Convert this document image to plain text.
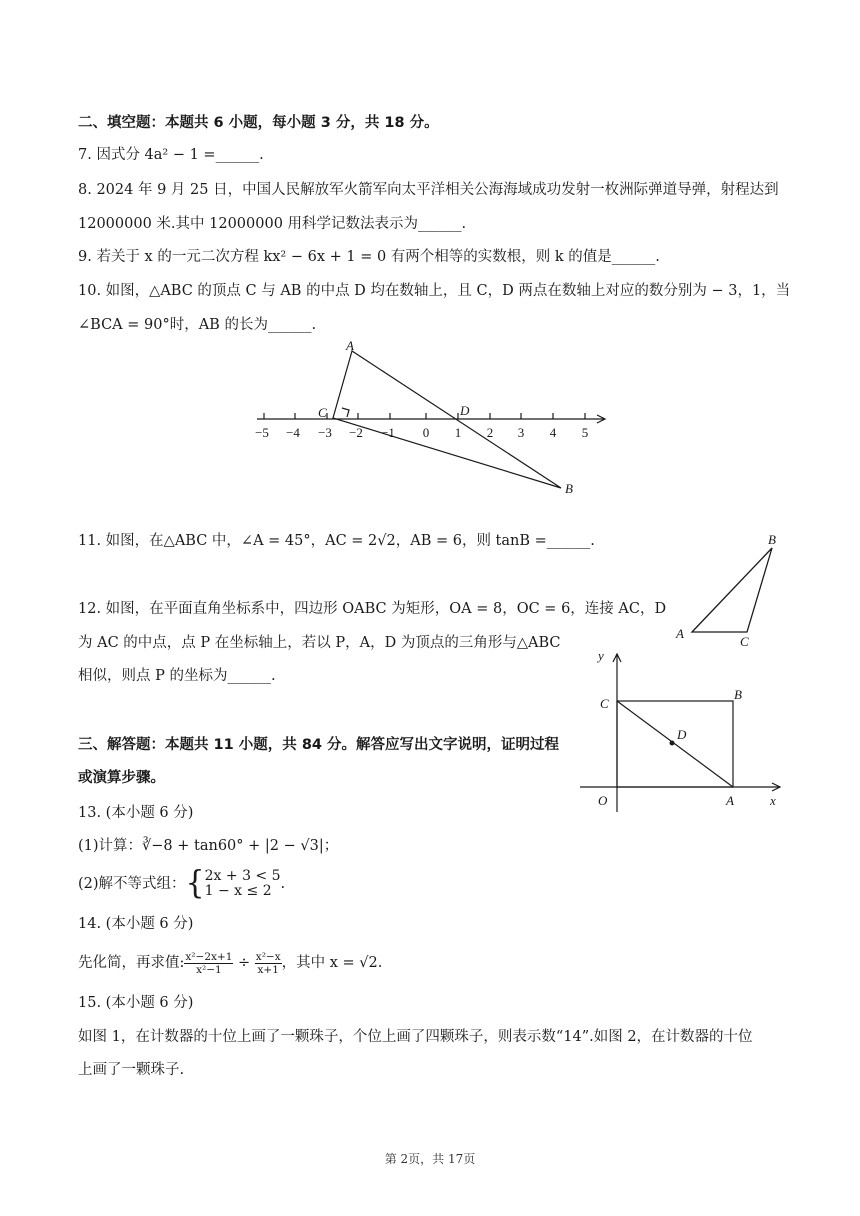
二、填空题：本题共 6 小题，每小题 3 分，共 18 分。
7. 因式分 4a² − 1 =______.
8. 2024 年 9 月 25 日，中国人民解放军火箭军向太平洋相关公海海域成功发射一枚洲际弹道导弹，射程达到
12000000 米.其中 12000000 用科学记数法表示为______.
9. 若关于 x 的一元二次方程 kx² − 6x + 1 = 0 有两个相等的实数根，则 k 的值是______.
10. 如图，△ABC 的顶点 C 与 AB 的中点 D 均在数轴上，且 C，D 两点在数轴上对应的数分别为 − 3，1，当
∠BCA = 90°时，AB 的长为______.
A
B
C	D
−5 −4 −3 −2 −1 0 1 2 3 4 5
11. 如图，在△ABC 中，∠A = 45°，AC = 2√2，AB = 6，则 tanB =______.
A
B
C
12. 如图，在平面直角坐标系中，四边形 OABC 为矩形，OA = 8，OC = 6，连接 AC，D
为 AC 的中点，点 P 在坐标轴上，若以 P，A，D 为顶点的三角形与△ABC
相似，则点 P 的坐标为______.
y
x
O	A
B
C
D
三、解答题：本题共 11 小题，共 84 分。解答应写出文字说明，证明过程
或演算步骤。
13. (本小题 6 分)
(1)计算：∛−8 + tan60° + |2 − √3|；
(2)解不等式组：{ 2x + 3 < 5
1 − x ≤ 2 .
14. (本小题 6 分)
先化简，再求值: $\frac{\text{x²−2x+1}}{\text{x²−1}} \div \frac{\text{x²−x}}{x+1}$ ，其中 x = √2.
15. (本小题 6 分)
如图 1，在计数器的十位上画了一颗珠子，个位上画了四颗珠子，则表示数“14”.如图 2，在计数器的十位
上画了一颗珠子.
第 2页，共 17页
